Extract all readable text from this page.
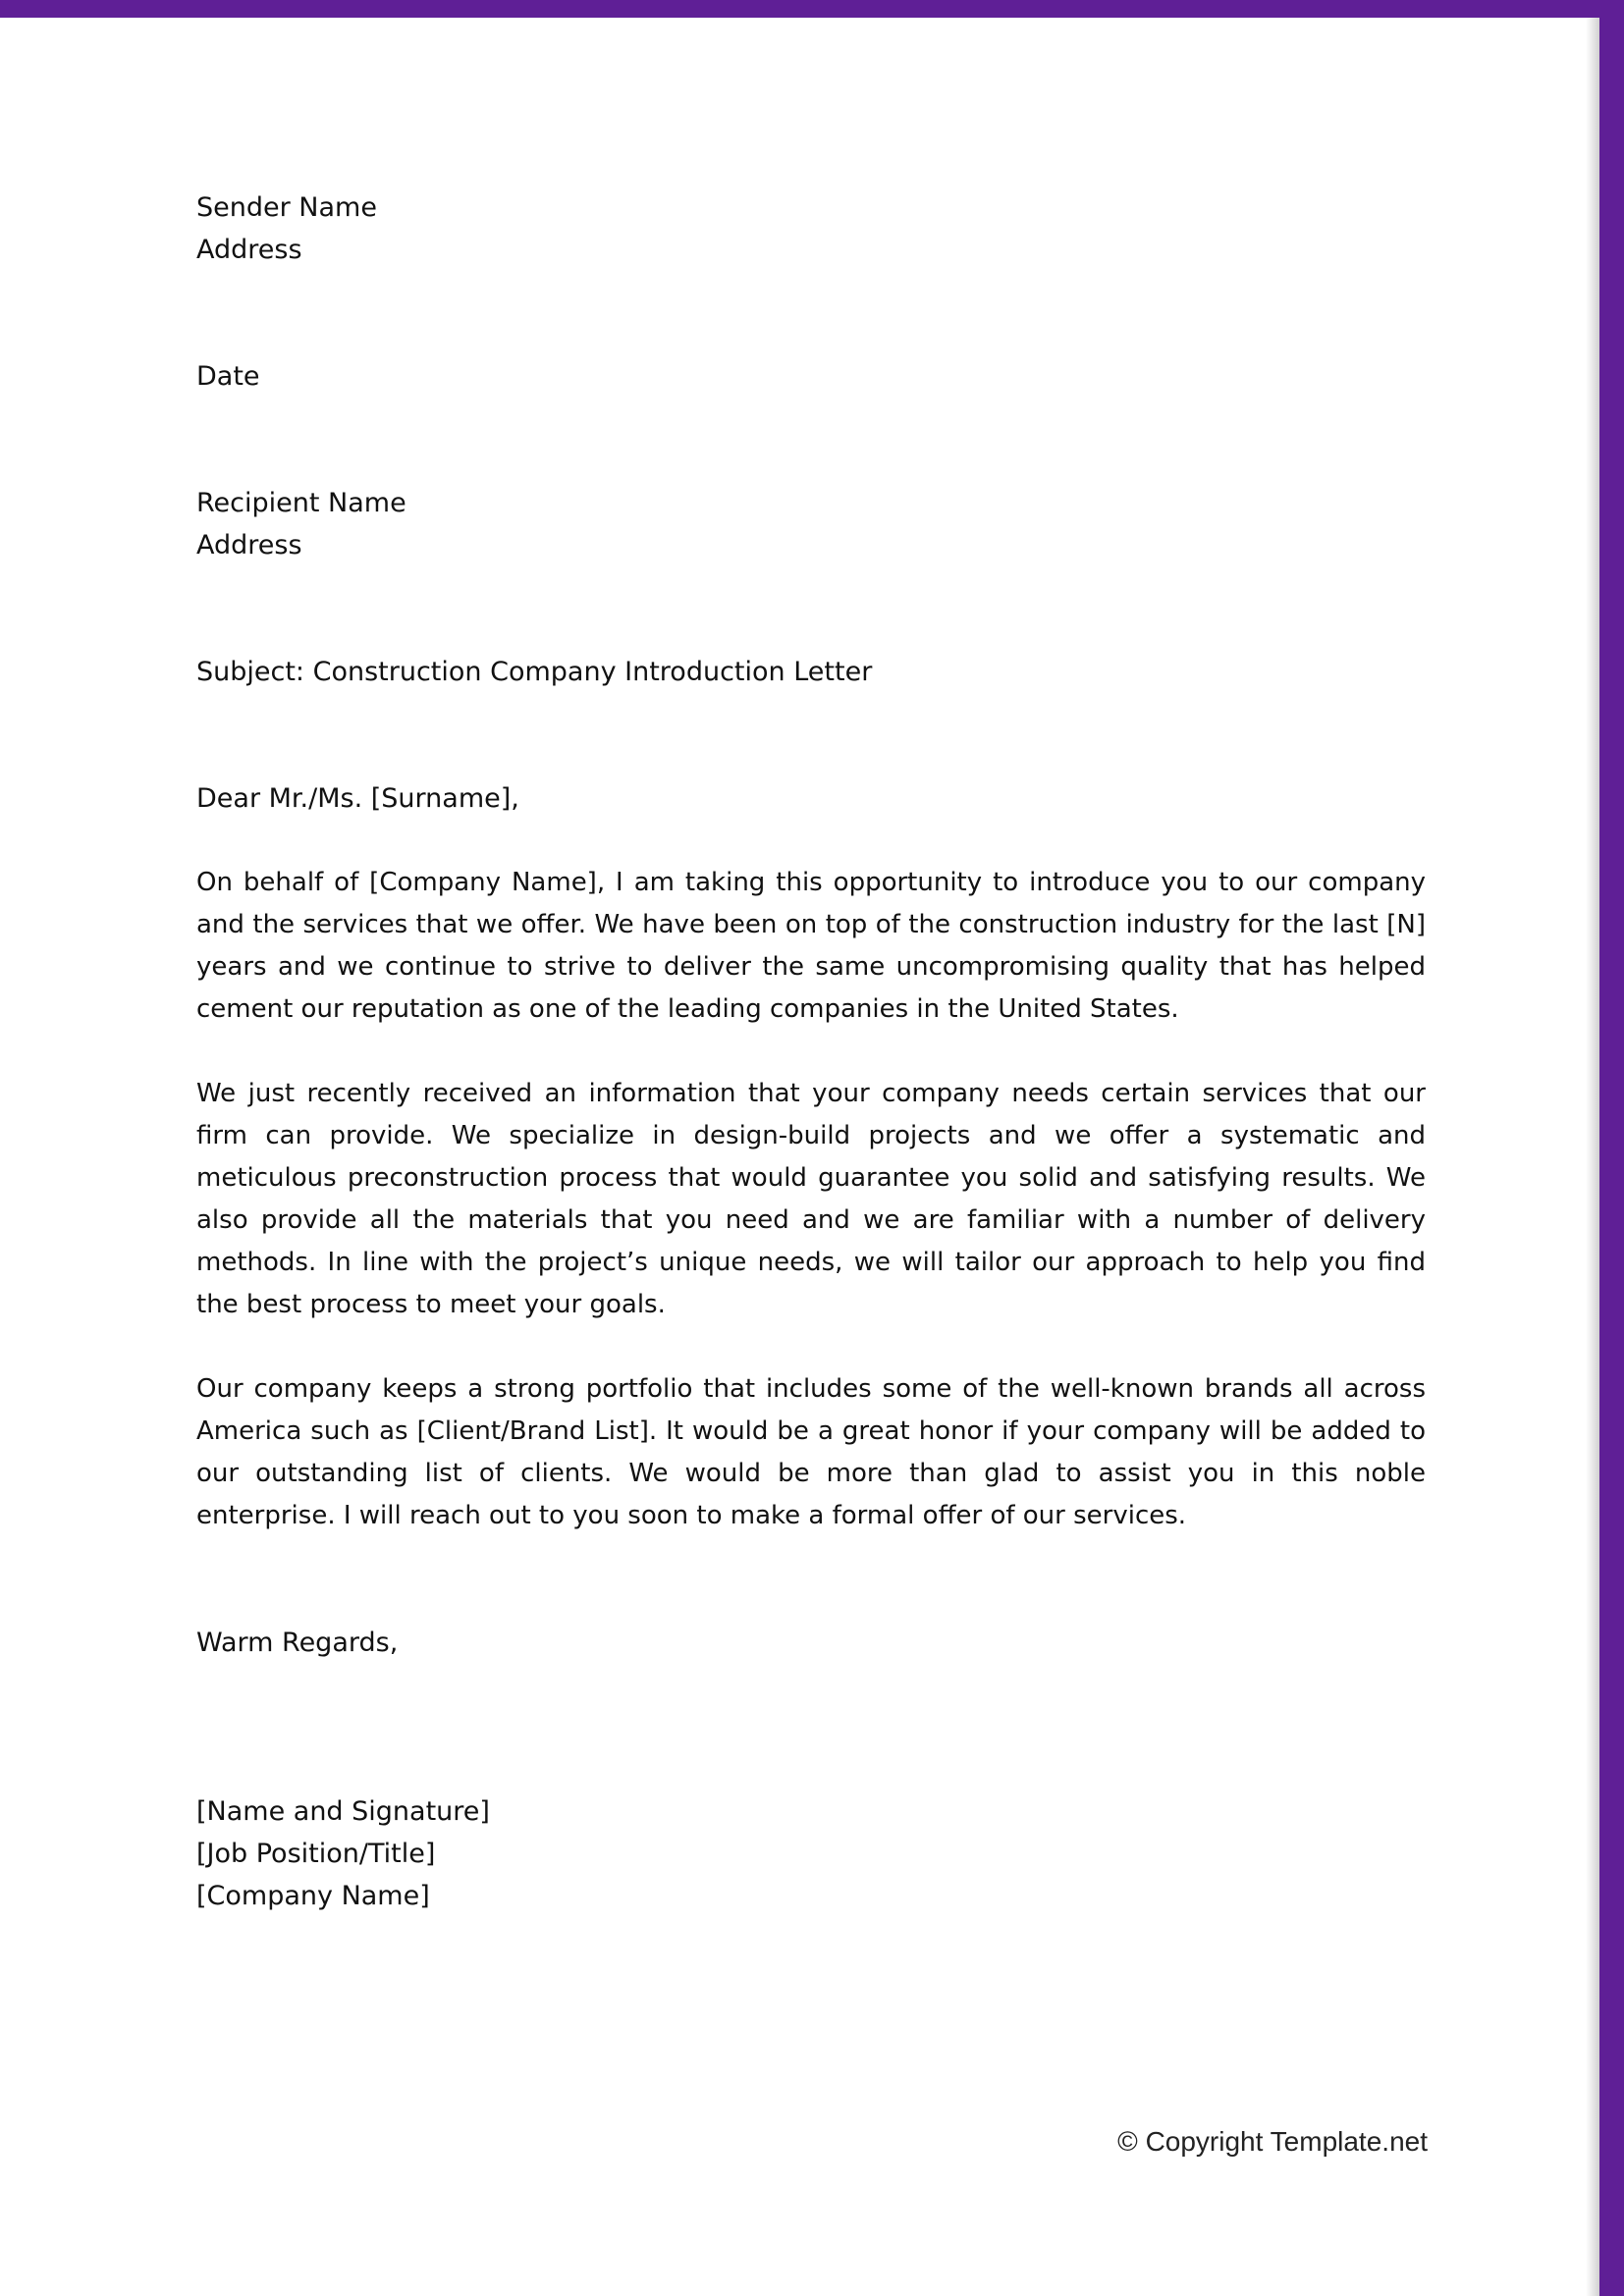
Sender Name

Address

Date

Recipient Name

Address

Subject: Construction Company Introduction Letter

Dear Mr./Ms. [Surname],

On behalf of [Company Name], I am taking this opportunity to introduce you to our company and the services that we offer. We have been on top of the construction industry for the last [N] years and we continue to strive to deliver the same uncompromising quality that has helped cement our reputation as one of the leading companies in the United States.

We just recently received an information that your company needs certain services that our firm can provide. We specialize in design-build projects and we offer a systematic and meticulous preconstruction process that would guarantee you solid and satisfying results. We also provide all the materials that you need and we are familiar with a number of delivery methods. In line with the project’s unique needs, we will tailor our approach to help you find the best process to meet your goals.

Our company keeps a strong portfolio that includes some of the well-known brands all across America such as [Client/Brand List]. It would be a great honor if your company will be added to our outstanding list of clients. We would be more than glad to assist you in this noble enterprise. I will reach out to you soon to make a formal offer of our services.

Warm Regards,

[Name and Signature]

[Job Position/Title]

[Company Name]

© Copyright Template.net
